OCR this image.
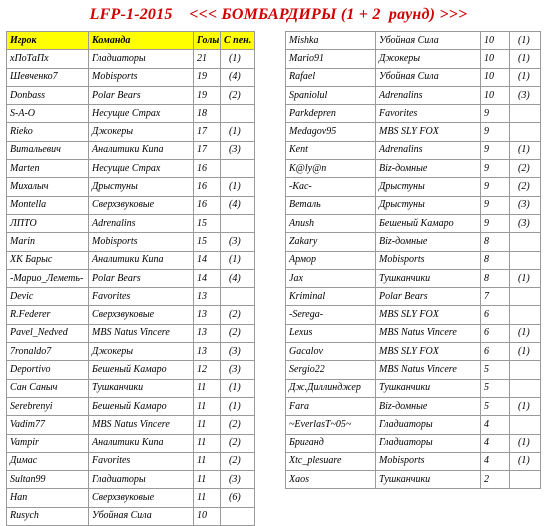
LFP-1-2015    <<< БОМБАРДИРЫ (1 + 2  раунд) >>>
Игрок	Команда	Голы	С пен.
хПоТаПх	Гладиаторы	21	(1)
Шевченко7	Mobisports	19	(4)
Donbass	Polar Bears	19	(2)
S-A-O	Несущие Страх	18	
Rieko	Джокеры	17	(1)
Витальевич	Аналитики Кипа	17	(3)
Marten	Несущие Страх	16	
Михалыч	Дрыстуны	16	(1)
Montella	Сверхзвуковые	16	(4)
ЛПТО	Adrenalins	15	
Marin	Mobisports	15	(3)
ХК Барыс	Аналитики Кипа	14	(1)
-Марио_Леметь-	Polar Bears	14	(4)
Devic	Favorites	13	
R.Federer	Сверхзвуковые	13	(2)
Pavel_Nedved	MBS Natus Vincere	13	(2)
7ronaldo7	Джокеры	13	(3)
Deportivo	Бешеный Камаро	12	(3)
Сан Саныч	Тушканчики	11	(1)
Serebrenyi	Бешеный Камаро	11	(1)
Vadim77	MBS Natus Vincere	11	(2)
Vampir	Аналитики Кипа	11	(2)
Димас	Favorites	11	(2)
Sultan99	Гладиаторы	11	(3)
Нап	Сверхзвуковые	11	(6)
Rusych	Убойная Сила	10	
Mishka	Убойная Сила	10	(1)
Mario91	Джокеры	10	(1)
Rafael	Убойная Сила	10	(1)
Spaniolul	Adrenalins	10	(3)
Parkdepren	Favorites	9	
Medagov95	MBS SLY FOX	9	
Kent	Adrenalins	9	(1)
K@ly@n	Biz-домные	9	(2)
-Кас-	Дрыстуны	9	(2)
Веталь	Дрыстуны	9	(3)
Anush	Бешеный Камаро	9	(3)
Zakary	Biz-домные	8	
Армор	Mobisports	8	
Jax	Тушканчики	8	(1)
Kriminal	Polar Bears	7	
-Serega-	MBS SLY FOX	6	
Lexus	MBS Natus Vincere	6	(1)
Gacalov	MBS SLY FOX	6	(1)
Sergio22	MBS Natus Vincere	5	
Дж.Диллинджер	Тушканчики	5	
Fara	Biz-домные	5	(1)
~EverlasT~05~	Гладиаторы	4	
Бриганд	Гладиаторы	4	(1)
Xtc_plesuare	Mobisports	4	(1)
Xaos	Тушканчики	2	
